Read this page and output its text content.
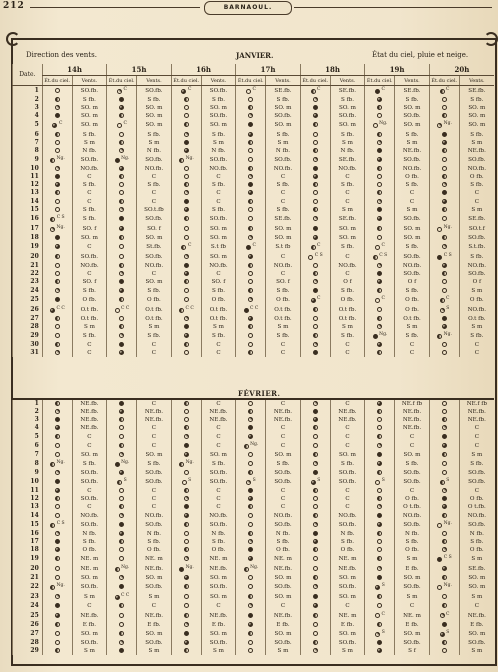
212	BARNAOUL.
Direction des vents.	JANVIER.	État du ciel, pluie et neige.
Date.	14h		15h		16h		17h		18h		19h		20h	
	Ét.du ciel.	Vents.	Ét.du ciel.	Vents.	Ét.du ciel.	Vents.	Ét.du ciel.	Vents.	Ét.du ciel.	Vents.	Ét.du ciel.	Vents.	Ét.du ciel.	Vents.
1		SO.fb.	$^C$	SO.fb.	$^C$	SO.fb.	$^C$	SE.fb.	$^C$	SE.fb.	$^C$	SE.fb.	$^C$	SE.fb.
2		S fb.		S fb.		S fb.		S fb.		S fb.		S fb.		S fb.
3		SO. m		SO. m		SO. m		SO. m		SO. m		SO. m		SO. m
4		SO. m		SO. m		SO.fb.		SO.fb.		SO.fb.		SO.fb.		SO. m
5	$^C$	SO. m	$^C$	SO. m		SO. m		SO. m		SO. m	$^{Ng.}$	SO. m	$^{Ng.}$	SO. m
6		S fb.		S fb.		S fb.		S fb.		S fb.		S fb.		S fb.
7		S m		S m		S m		S m		S m		S m		S m
8		N fb.		N fb.		N fb.		N fb.		N fb.		NE.fb.		NE.fb.
9	$^{Ng.}$	SO.fb.	$^{Ng.}$	SO.fb.	$^{Ng.}$	SO.fb.		SO.fb.		SE.fb.		SO.fb.		SO.fb.
10		NO.fb.		NO.fb.		NO.fb.		NO.fb.		NO.fb.		NO.fb.		NO.fb.
11		C		C		C		C		C		O fb.		O fb.
12		S fb.		S fb.		S fb.		S fb.		S fb.		S fb.		S fb.
13		C		C		C		C		C		C		C
14		C		C		C		C		C		C		C
15		S fb.		SO.t.fb		S fb.		S fb.		S m		S m		S m
16	$^{C S}$	S fb.		SO.fb.		SO.fb.		SE.fb.		SE.fb.		SO.fb.		SE.fb.
17	$^{Ng.}$	SO. f		SO. f		SO. m		SO. m		SO. m		SO. m	$^{Ng.}$	SO.t.f
18		SO. m		SO. m		SO. m		SO. m		SO. m		SO. m		SO.fb.
19		C		St.fb.	$^C$	S.t fb	$^C$	S.t fb	$^C$	S fb.	$^C$	S fb.		S.t.fb.
20		SO.fb.		SO.fb.		SO. m		C	$^{C S}$	C	$^{C S}$	SO.fb.	$^{C S}$	S fb.
21		NO.fb.		NO.fb.		NO.fb.		NO.fb.		NO.fb.		NO.fb.		NO.fb.
22		C		C		C		C		C		SO.fb.		SO.fb.
23		SO. f		SO. m		SO. f		SO. f		O f		O f		O f
24		S fb.		S fb.		S fb.		S fb.		S fb.		S fb.		S m
25		O fb.		O fb.		O fb.		O fb.	$^C$	O fb.	$^C$	O fb.	$^C$	O fb.
26	$^{C C}$	O.t fb.	$^{C C}$	O.t fb.	$^{C C}$	O.t fb.	$^{C C}$	O.t fb.		O.t fb.		O fb.	$^S$	NO.fb.
27		O.t fb.		O.t fb.		O.t fb.		O.t fb.		O.t fb.		O.t fb.		O.t fb.
28		S m		S m		S m		S m		S m		S m		S m
29		S fb.		S fb.		S fb.		S fb.		S fb.	$^{Ng.}$	S fb.	$^{Ng.}$	S fb.
30		C		C		C		C		C		C		C
31		C		C		C		C		C		C		C
FÉVRIER.
1		NE.fb.		C		C		C		C		NE.f fb		NE.f fb
2		NE.fb.		NE.fb.		NE.fb.		NE.fb.		NE.fb.		NE.fb.		NE.fb.
3		NE.fb.		NE.fb.		NE.fb.		NE.fb.		NE.fb.		NE.fb.		NE.fb.
4		NE.fb.		C		C		C		C		NE.fb.		C
5		C		C		C		C		C		C		C
6		C		C		C	$^{Ng.}$	C		C		C		C
7		SO. m		SO. m		SO. m		SO. m		SO. m		SO. m		S m
8	$^{Ng.}$	S fb.	$^{Ng.}$	S fb.	$^{Ng.}$	S fb.		S fb.		S fb.		S fb.		S fb.
9		SO.fb.		SO.fb.		SO.fb.		SO.fb.		SO.fb.		SO.fb.		SO.fb.
10		SO.fb.	$^S$	SO.fb.	$^S$	SO.fb.	$^S$	SO.fb.	$^S$	SO.fb.	$^S$	SO.fb.	$^S$	SO.fb.
11		C		C		C		C		C		C		C
12		SO.fb.		C		C		C		C		O fb.		O fb.
13		C		C		C		C		C		O t.fb.		O t.fb.
14		NO.fb.		NO.fb.		NO.fb.		NO.fb.		NO.fb.		NO.fb.		NO.fb.
15	$^{C S}$	SO.fb.		SO.fb.		SO.fb.		SO.fb.		SO.fb.		SO.fb.	$^{Ng.}$	SO.fb.
16		N fb.		N fb.		N fb.		N fb.		N fb.		N fb.		N fb.
17		S fb.		S fb.		S fb.		S fb.		S fb.		S fb.		S fb.
18		O fb.		O fb.		O fb.		O fb.		O fb.		O fb.		O fb.
19		NE. m		NE. m		NE. m		NE. m		NE. m		S m	$^{C S}$	S m
20		NE. m	$^{Ng.}$	NE.fb.	$^{Ng.}$	NE.fb.	$^{Ng.}$	NE.fb.		NE.fb.		E fb.		SE.fb.
21		SO. m		SO. m		SO. m		SO. m		SO. m		SO. m		SO. m
22	$^{Ng.}$	SO.fb.		SO.fb.		SO.fb.		SO.fb.		SO.fb.	$^S$	SO.fb.	$^{Ng.}$	SO. m
23		S m	$^{C C}$	S m		SO. m		SO. m		SO. m		S m		S m
24		C		C		C		C		C		C		C
25		NE.fb.		NE.fb.		NE.fb.		NE.fb.		NE. m	$^C$	NE. m	$^C$	NE.fb.
26		E fb.		E fb.		E fb.		E fb.		E fb.		E fb.		E fb.
27		SO. m		SO. m		SO. m		SO. m		SO. m	$^S$	SO. m	$^S$	SO. m
28		SO.fb.		SO.fb.		SO.fb.		SO.fb.		SO.fb.		SO.fb.		SO.fb.
29		S m		S m		S m		S m		S m		S f		S m
